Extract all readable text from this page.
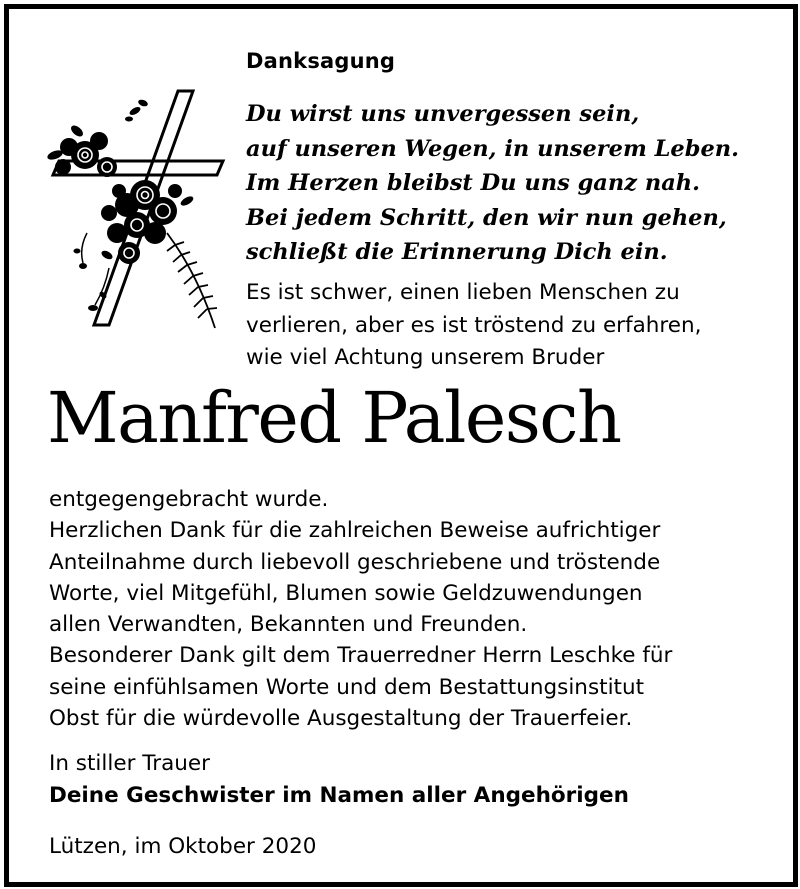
Danksagung
Du wirst uns unvergessen sein,
auf unseren Wegen, in unserem Leben.
Im Herzen bleibst Du uns ganz nah.
Bei jedem Schritt, den wir nun gehen,
schließt die Erinnerung Dich ein.
Es ist schwer, einen lieben Menschen zu
verlieren, aber es ist tröstend zu erfahren,
wie viel Achtung unserem Bruder
Manfred Palesch
entgegengebracht wurde.
Herzlichen Dank für die zahlreichen Beweise aufrichtiger
Anteilnahme durch liebevoll geschriebene und tröstende
Worte, viel Mitgefühl, Blumen sowie Geldzuwendungen
allen Verwandten, Bekannten und Freunden.
Besonderer Dank gilt dem Trauerredner Herrn Leschke für
seine einfühlsamen Worte und dem Bestattungsinstitut
Obst für die würdevolle Ausgestaltung der Trauerfeier.
In stiller Trauer
Deine Geschwister im Namen aller Angehörigen
Lützen, im Oktober 2020
